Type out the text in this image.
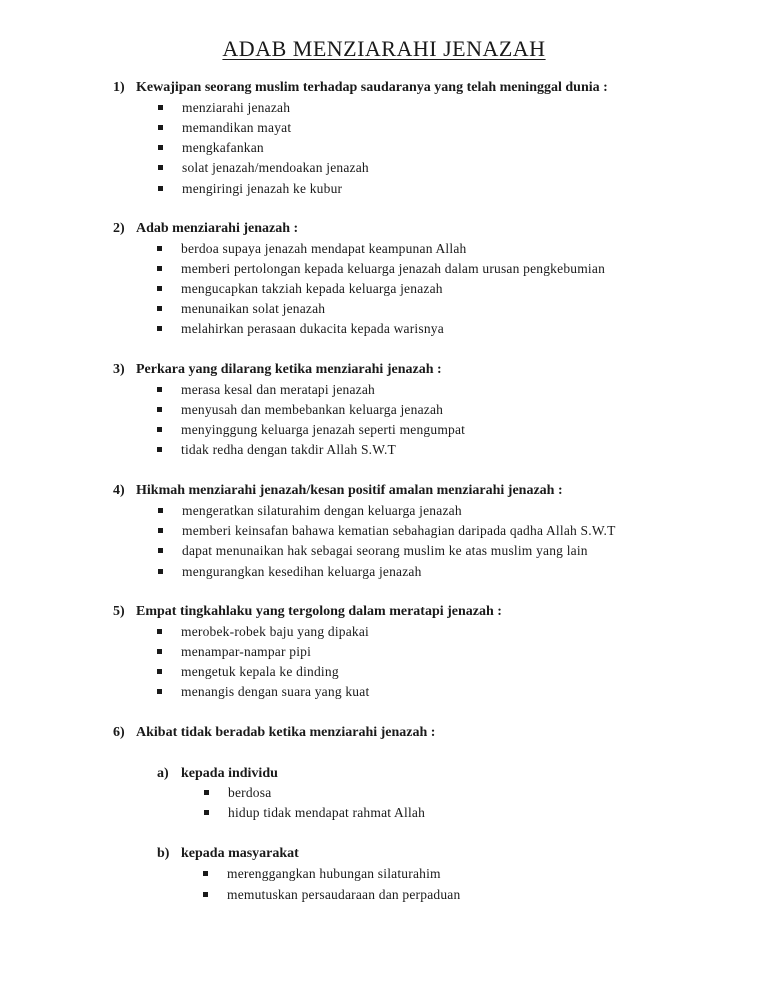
ADAB MENZIARAHI JENAZAH
1) Kewajipan seorang muslim terhadap saudaranya yang telah meninggal dunia :
menziarahi jenazah
memandikan mayat
mengkafankan
solat jenazah/mendoakan jenazah
mengiringi jenazah ke kubur
2) Adab menziarahi jenazah :
berdoa supaya jenazah mendapat keampunan Allah
memberi pertolongan kepada keluarga jenazah dalam urusan pengkebumian
mengucapkan takziah kepada keluarga jenazah
menunaikan solat jenazah
melahirkan perasaan dukacita kepada warisnya
3) Perkara yang dilarang ketika menziarahi jenazah :
merasa kesal dan meratapi jenazah
menyusah dan membebankan keluarga jenazah
menyinggung keluarga jenazah seperti mengumpat
tidak redha dengan takdir Allah S.W.T
4) Hikmah menziarahi jenazah/kesan positif amalan menziarahi jenazah :
mengeratkan silaturahim dengan keluarga jenazah
memberi keinsafan bahawa kematian sebahagian daripada qadha Allah S.W.T
dapat menunaikan hak sebagai seorang muslim ke atas muslim yang lain
mengurangkan kesedihan keluarga jenazah
5) Empat tingkahlaku yang tergolong dalam meratapi jenazah :
merobek-robek baju yang dipakai
menampar-nampar pipi
mengetuk kepala ke dinding
menangis dengan suara yang kuat
6) Akibat tidak beradab ketika menziarahi jenazah :
a) kepada individu
berdosa
hidup tidak mendapat rahmat Allah
b) kepada masyarakat
merenggangkan hubungan silaturahim
memutuskan persaudaraan dan perpaduan
